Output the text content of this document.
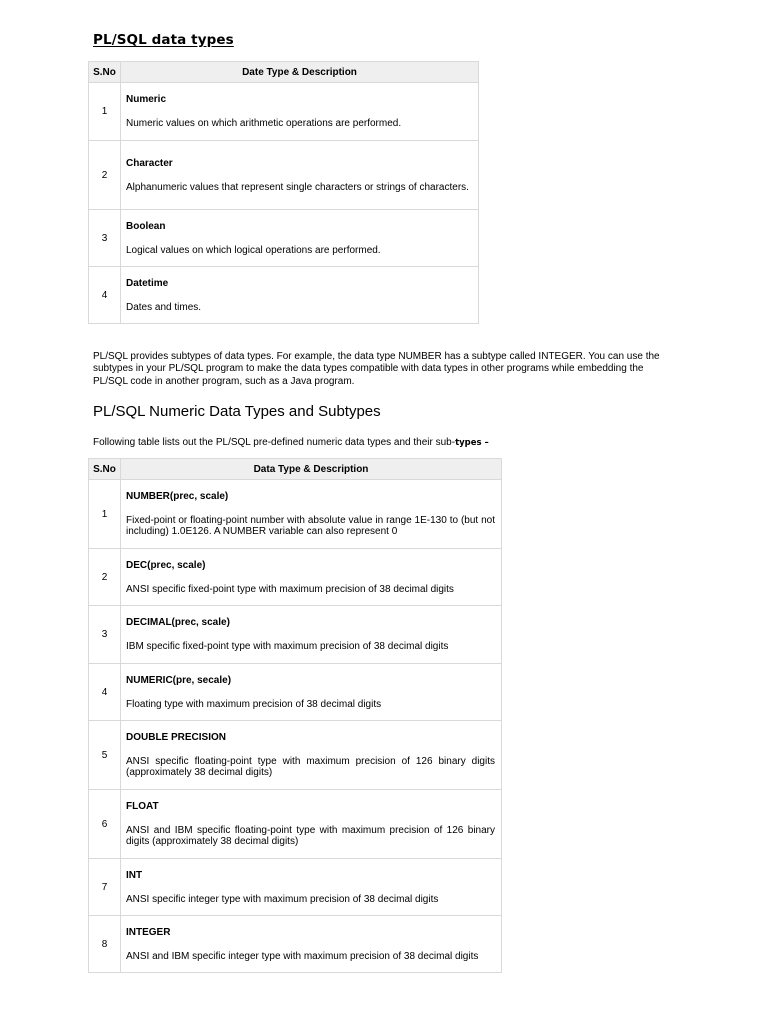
PL/SQL data types
S.No	Date Type & Description
1	Numeric
Numeric values on which arithmetic operations are performed.

2	Character
Alphanumeric values that represent single characters or strings of characters.

3	Boolean
Logical values on which logical operations are performed.

4	Datetime
Dates and times.
PL/SQL provides subtypes of data types. For example, the data type NUMBER has a subtype called INTEGER. You can use the subtypes in your PL/SQL program to make the data types compatible with data types in other programs while embedding the PL/SQL code in another program, such as a Java program.
PL/SQL Numeric Data Types and Subtypes
Following table lists out the PL/SQL pre-defined numeric data types and their sub-types –
S.No	Data Type & Description
1	NUMBER(prec, scale)
Fixed-point or floating-point number with absolute value in range 1E-130 to (but not including) 1.0E126. A NUMBER variable can also represent 0

2	DEC(prec, scale)
ANSI specific fixed-point type with maximum precision of 38 decimal digits

3	DECIMAL(prec, scale)
IBM specific fixed-point type with maximum precision of 38 decimal digits

4	NUMERIC(pre, secale)
Floating type with maximum precision of 38 decimal digits

5	DOUBLE PRECISION
ANSI specific floating-point type with maximum precision of 126 binary digits (approximately 38 decimal digits)

6	FLOAT
ANSI and IBM specific floating-point type with maximum precision of 126 binary digits (approximately 38 decimal digits)

7	INT
ANSI specific integer type with maximum precision of 38 decimal digits

8	INTEGER
ANSI and IBM specific integer type with maximum precision of 38 decimal digits
